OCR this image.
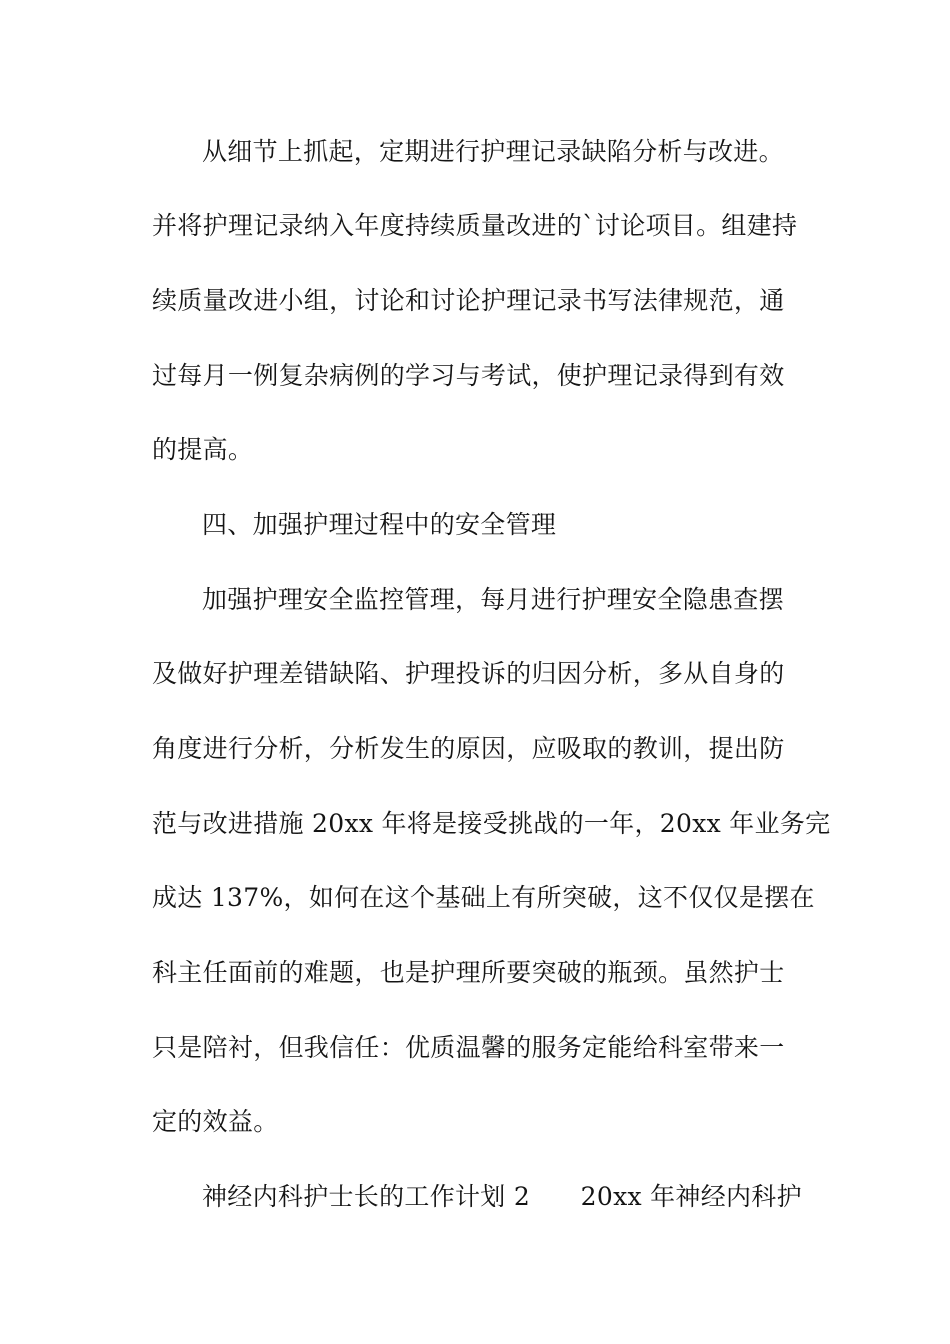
从细节上抓起，定期进行护理记录缺陷分析与改进。
并将护理记录纳入年度持续质量改进的`讨论项目。组建持
续质量改进小组，讨论和讨论护理记录书写法律规范，通
过每月一例复杂病例的学习与考试，使护理记录得到有效
的提高。
四、加强护理过程中的安全管理
加强护理安全监控管理，每月进行护理安全隐患查摆
及做好护理差错缺陷、护理投诉的归因分析，多从自身的
角度进行分析，分析发生的原因，应吸取的教训，提出防
范与改进措施 20xx 年将是接受挑战的一年，20xx 年业务完
成达 137%，如何在这个基础上有所突破，这不仅仅是摆在
科主任面前的难题，也是护理所要突破的瓶颈。虽然护士
只是陪衬，但我信任：优质温馨的服务定能给科室带来一
定的效益。
神经内科护士长的工作计划 2　　20xx 年神经内科护
